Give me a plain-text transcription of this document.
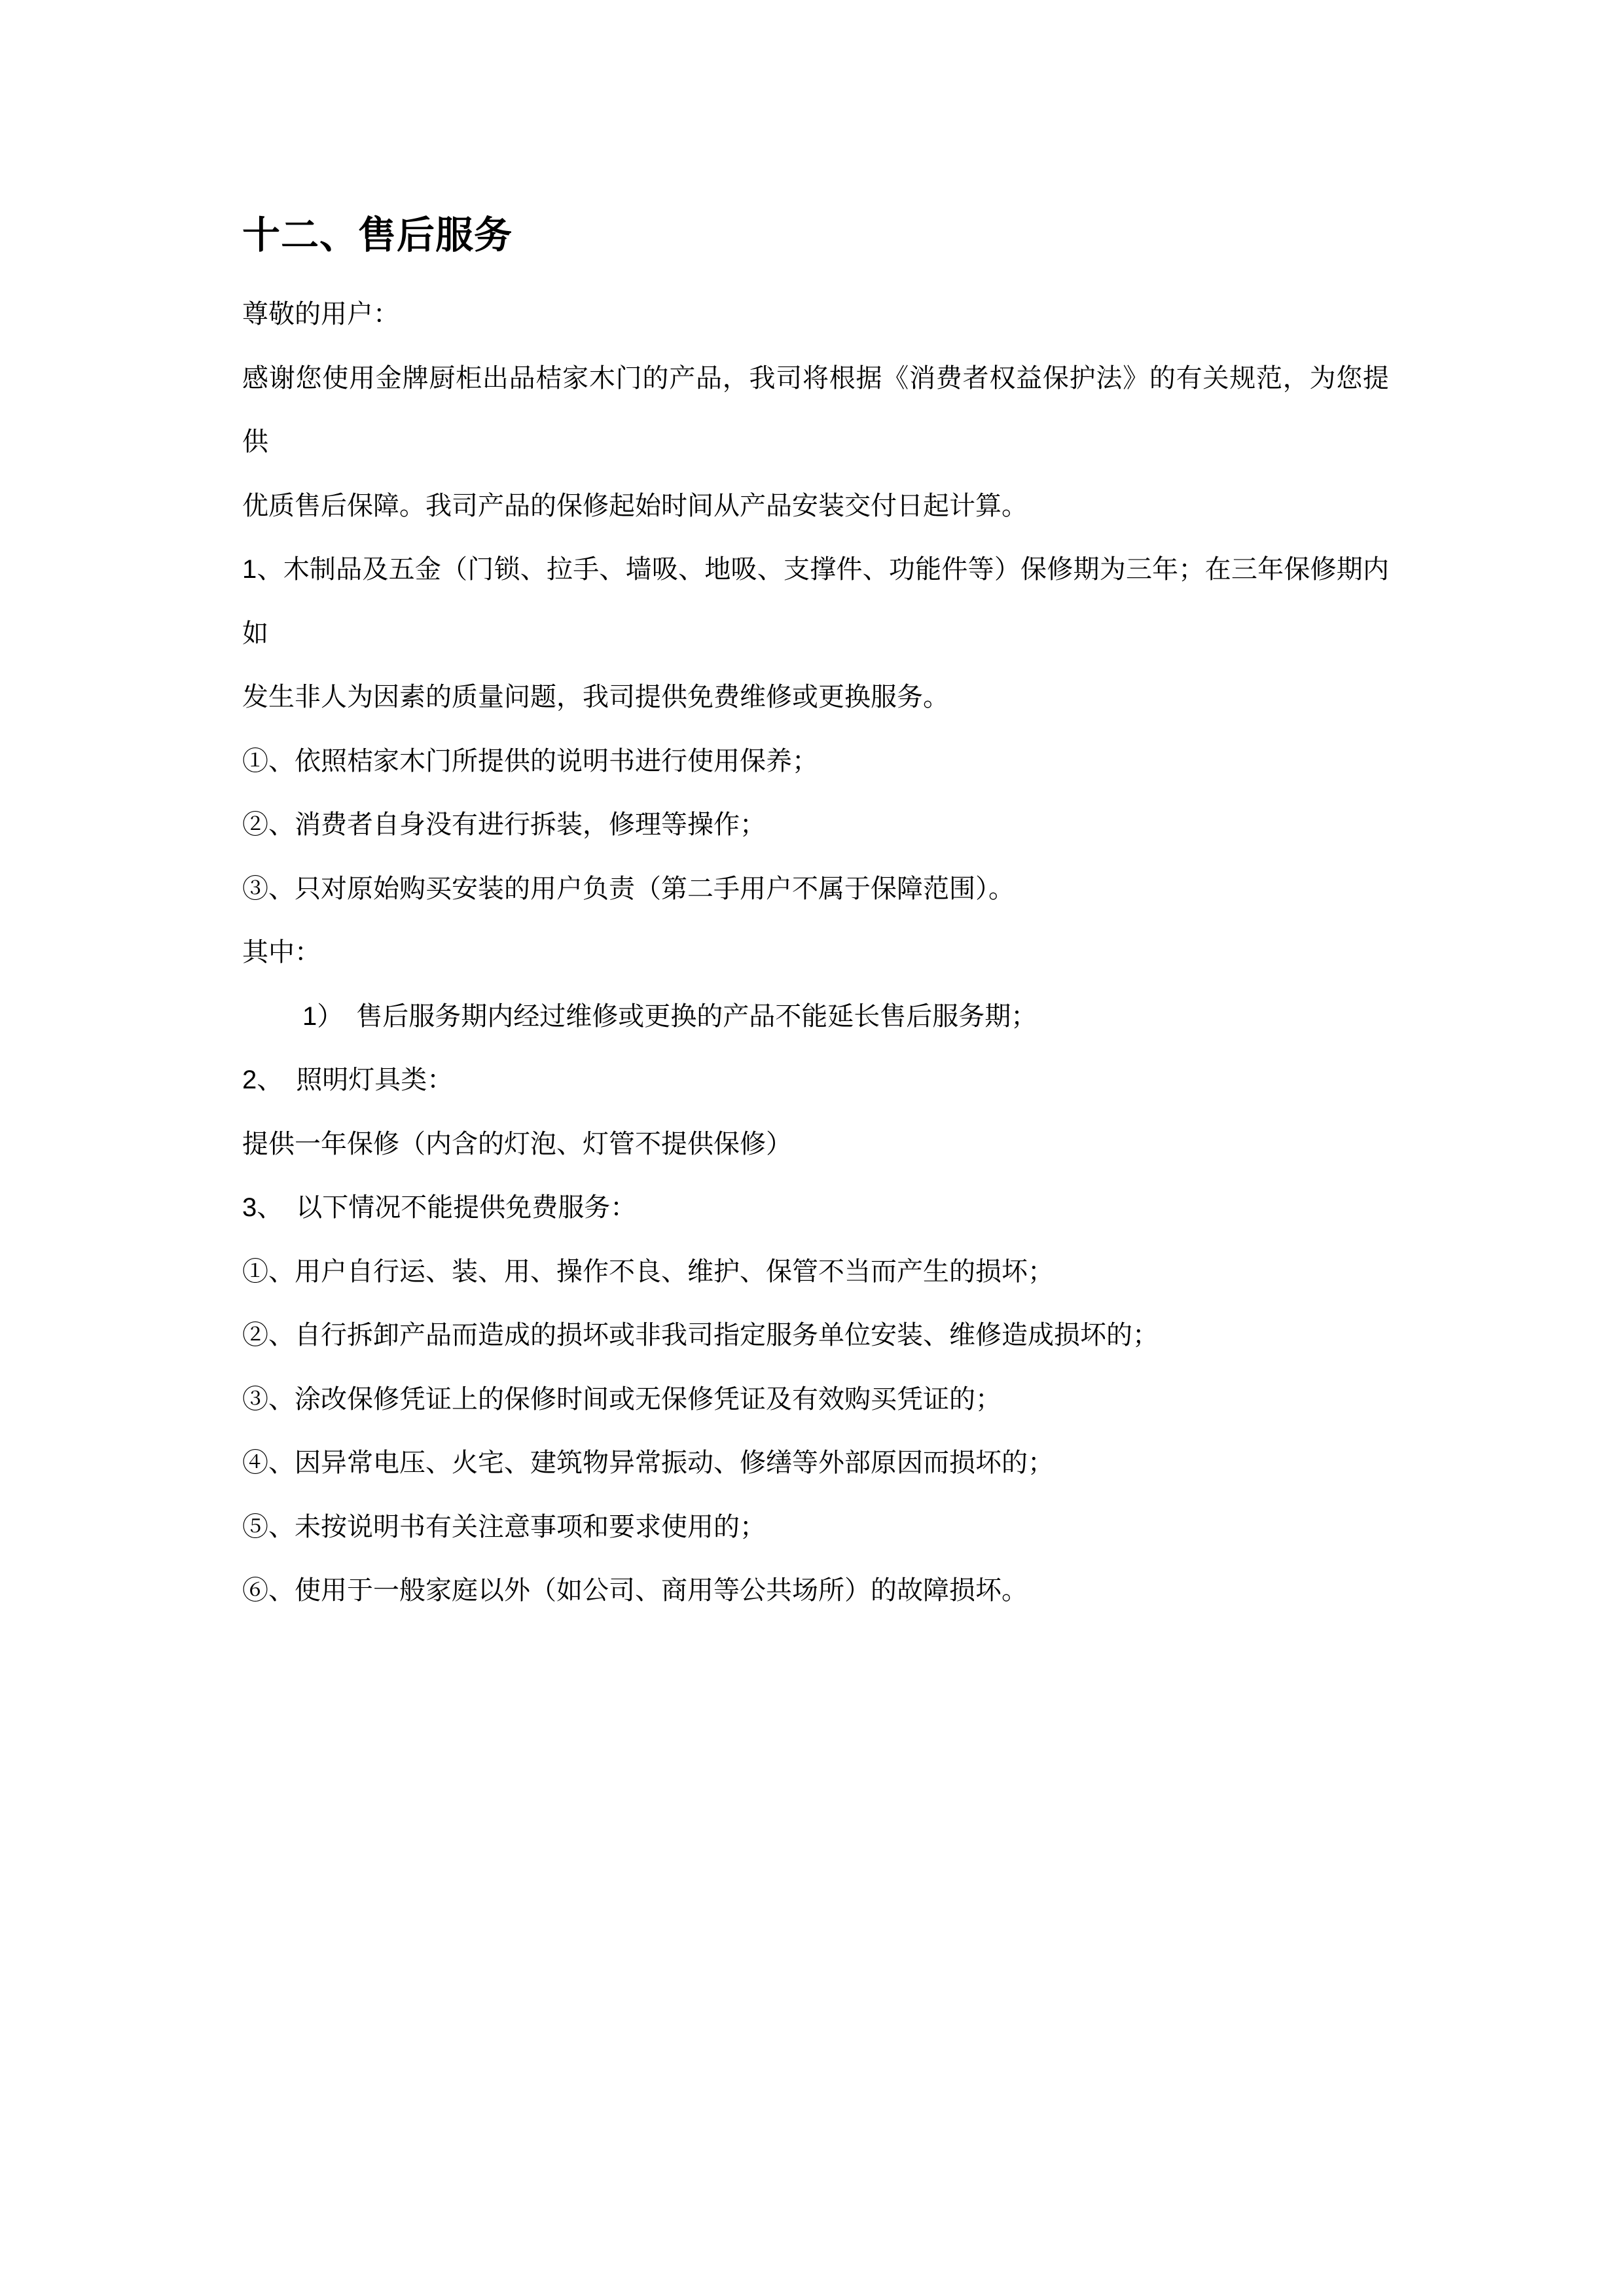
十二、售后服务
尊敬的用户：
感谢您使用金牌厨柜出品桔家木门的产品，我司将根据《消费者权益保护法》的有关规范，为您提供
优质售后保障。我司产品的保修起始时间从产品安装交付日起计算。
1、木制品及五金（门锁、拉手、墙吸、地吸、支撑件、功能件等）保修期为三年；在三年保修期内如
发生非人为因素的质量问题，我司提供免费维修或更换服务。
①、依照桔家木门所提供的说明书进行使用保养；
②、消费者自身没有进行拆装，修理等操作；
③、只对原始购买安装的用户负责（第二手用户不属于保障范围）。
其中：
1）　售后服务期内经过维修或更换的产品不能延长售后服务期；
2、　照明灯具类：
提供一年保修（内含的灯泡、灯管不提供保修）
3、　以下情况不能提供免费服务：
①、用户自行运、装、用、操作不良、维护、保管不当而产生的损坏；
②、自行拆卸产品而造成的损坏或非我司指定服务单位安装、维修造成损坏的；
③、涂改保修凭证上的保修时间或无保修凭证及有效购买凭证的；
④、因异常电压、火宅、建筑物异常振动、修缮等外部原因而损坏的；
⑤、未按说明书有关注意事项和要求使用的；
⑥、使用于一般家庭以外（如公司、商用等公共场所）的故障损坏。
